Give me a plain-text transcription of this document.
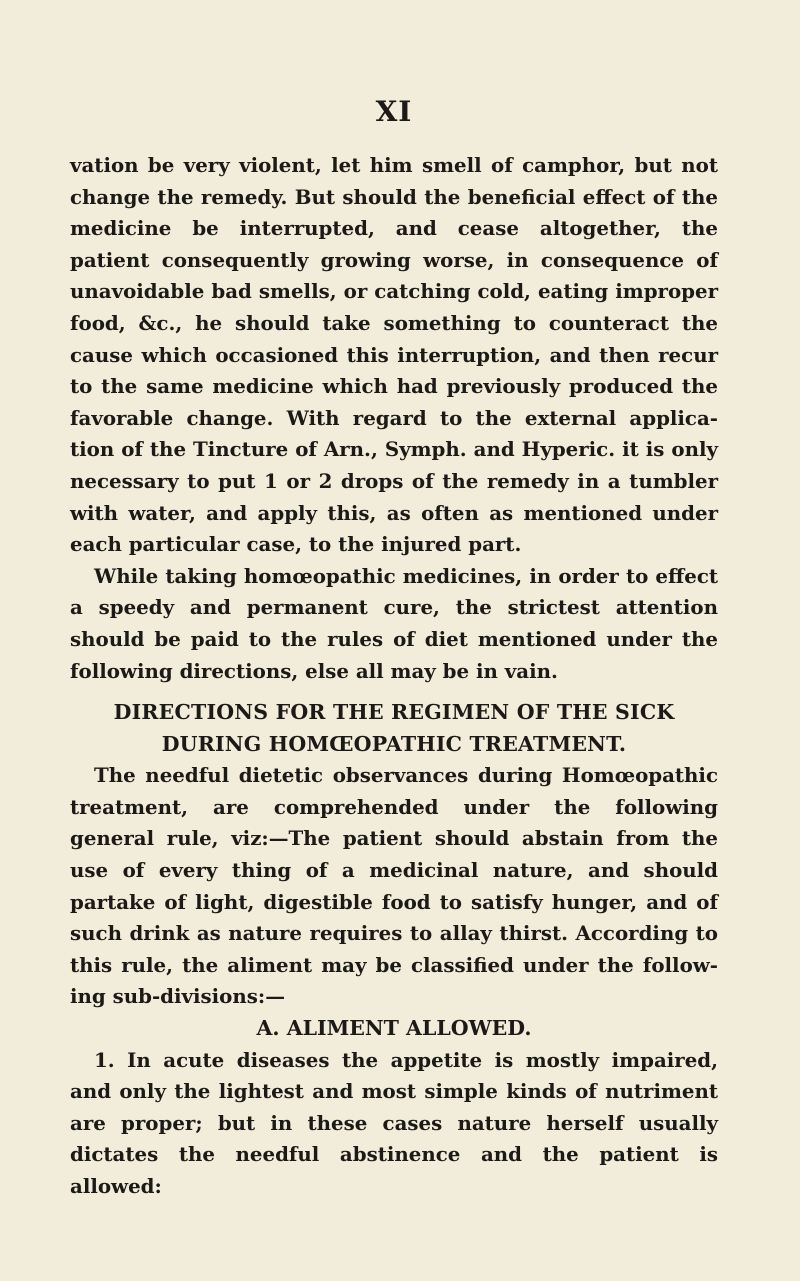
XI

vation be very violent, let him smell of camphor, but not change the remedy. But should the beneficial effect of the medicine be interrupted, and cease altogether, the patient consequently growing worse, in consequence of unavoidable bad smells, or catching cold, eating improper food, &c., he should take something to counteract the cause which occasioned this interruption, and then recur to the same medicine which had previously produced the favorable change. With regard to the external applica- tion of the Tincture of Arn., Symph. and Hyperic. it is only necessary to put 1 or 2 drops of the remedy in a tumbler with water, and apply this, as often as mentioned under each particular case, to the injured part.

While taking homœopathic medicines, in order to effect a speedy and permanent cure, the strictest attention should be paid to the rules of diet mentioned under the following directions, else all may be in vain.

DIRECTIONS FOR THE REGIMEN OF THE SICK
DURING HOMŒOPATHIC TREATMENT.

The needful dietetic observances during Homœopathic treatment, are comprehended under the following general rule, viz:—The patient should abstain from the use of every thing of a medicinal nature, and should partake of light, digestible food to satisfy hunger, and of such drink as nature requires to allay thirst. According to this rule, the aliment may be classified under the follow- ing sub-divisions:—

A. ALIMENT ALLOWED.

1. In acute diseases the appetite is mostly impaired, and only the lightest and most simple kinds of nutriment are proper; but in these cases nature herself usually dictates the needful abstinence and the patient is allowed:
